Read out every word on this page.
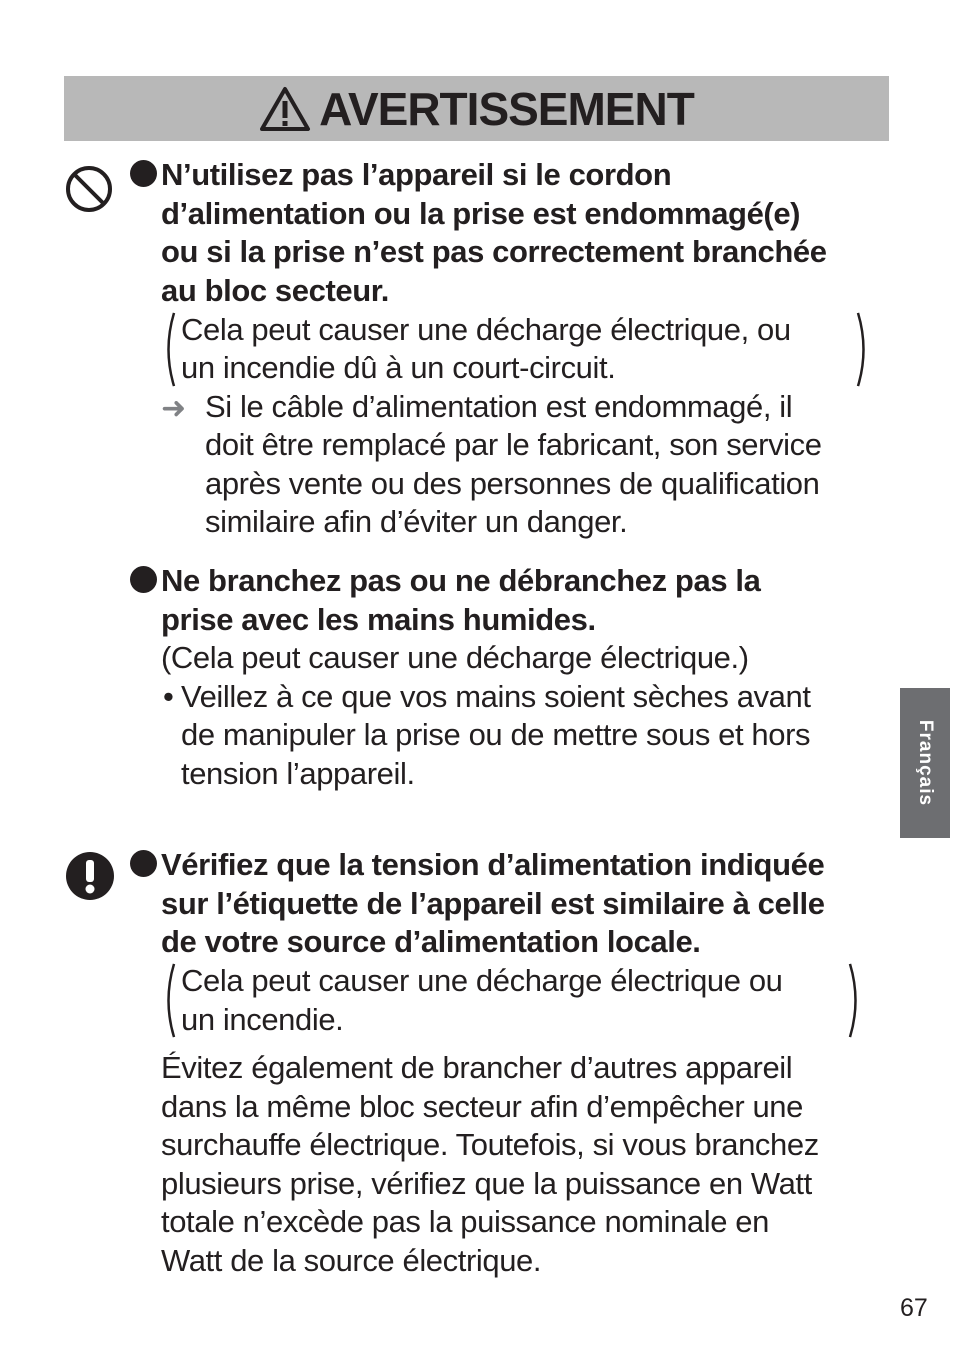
AVERTISSEMENT
Français
N’utilisez pas l’appareil si le cordon
d’alimentation ou la prise est endommagé(e)
ou si la prise n’est pas correctement branchée
au bloc secteur.
Cela peut causer une décharge électrique, ou
un incendie dû à un court-circuit.
➜ Si le câble d’alimentation est endommagé, il
doit être remplacé par le fabricant, son service
après vente ou des personnes de qualification
similaire afin d’éviter un danger.
Ne branchez pas ou ne débranchez pas la
prise avec les mains humides.
(Cela peut causer une décharge électrique.)
• Veillez à ce que vos mains soient sèches avant
de manipuler la prise ou de mettre sous et hors
tension l’appareil.
Vérifiez que la tension d’alimentation indiquée
sur l’étiquette de l’appareil est similaire à celle
de votre source d’alimentation locale.
Cela peut causer une décharge électrique ou
un incendie.
Évitez également de brancher d’autres appareil
dans la même bloc secteur afin d’empêcher une
surchauffe électrique. Toutefois, si vous branchez
plusieurs prise, vérifiez que la puissance en Watt
totale n’excède pas la puissance nominale en
Watt de la source électrique.
67
